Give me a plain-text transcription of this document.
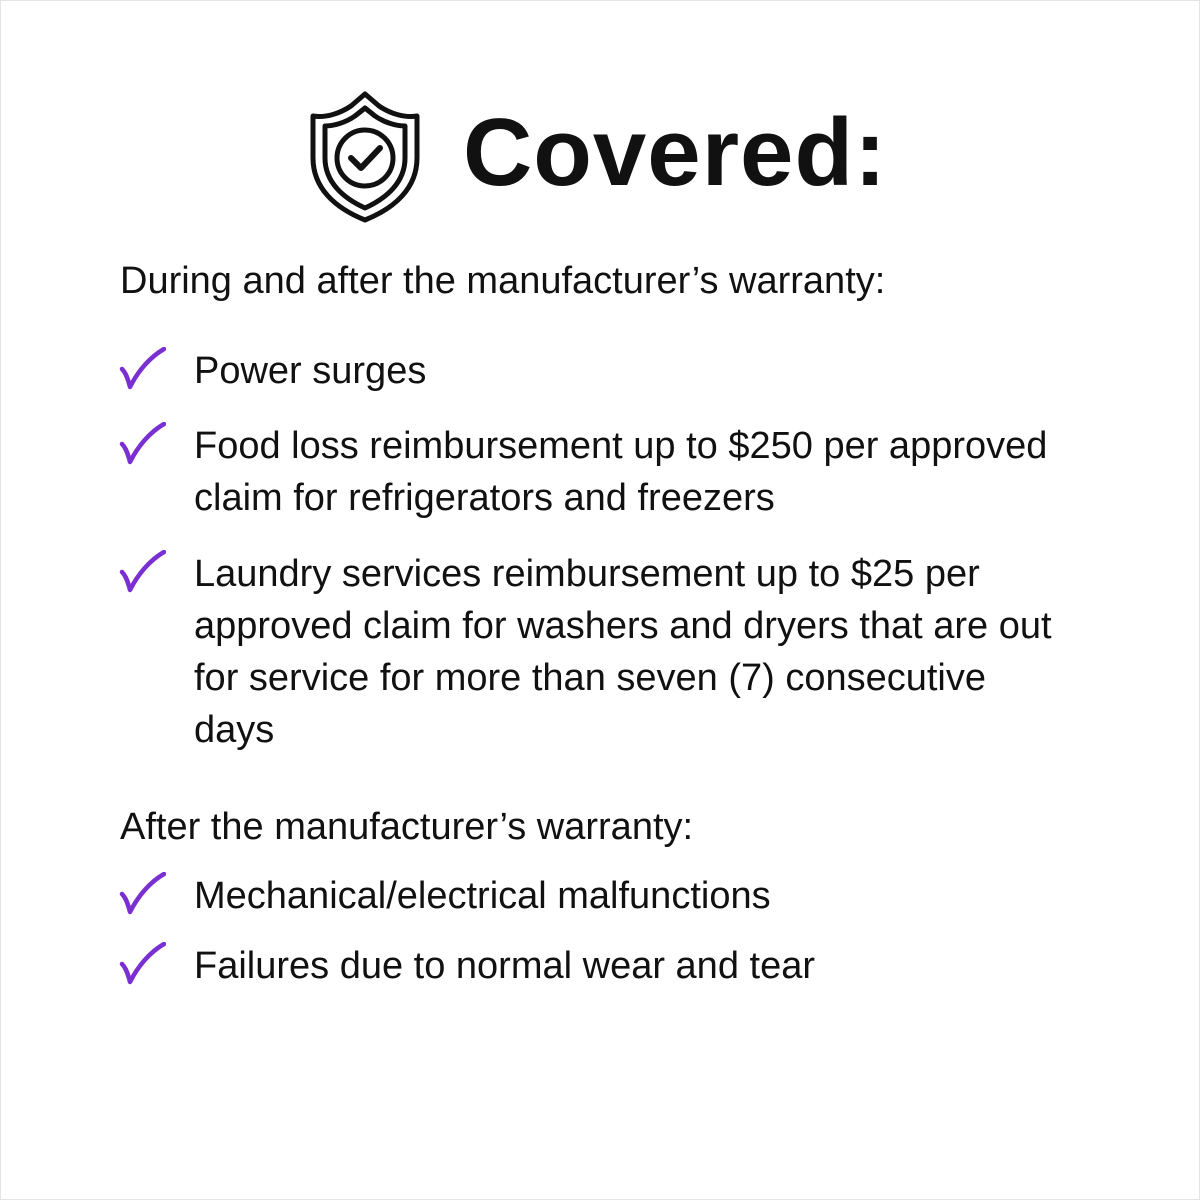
Covered:
During and after the manufacturer’s warranty:
Power surges
Food loss reimbursement up to $250 per approved claim for refrigerators and freezers
Laundry services reimbursement up to $25 per approved claim for washers and dryers that are out for service for more than seven (7) consecutive days
After the manufacturer’s warranty:
Mechanical/electrical malfunctions
Failures due to normal wear and tear
